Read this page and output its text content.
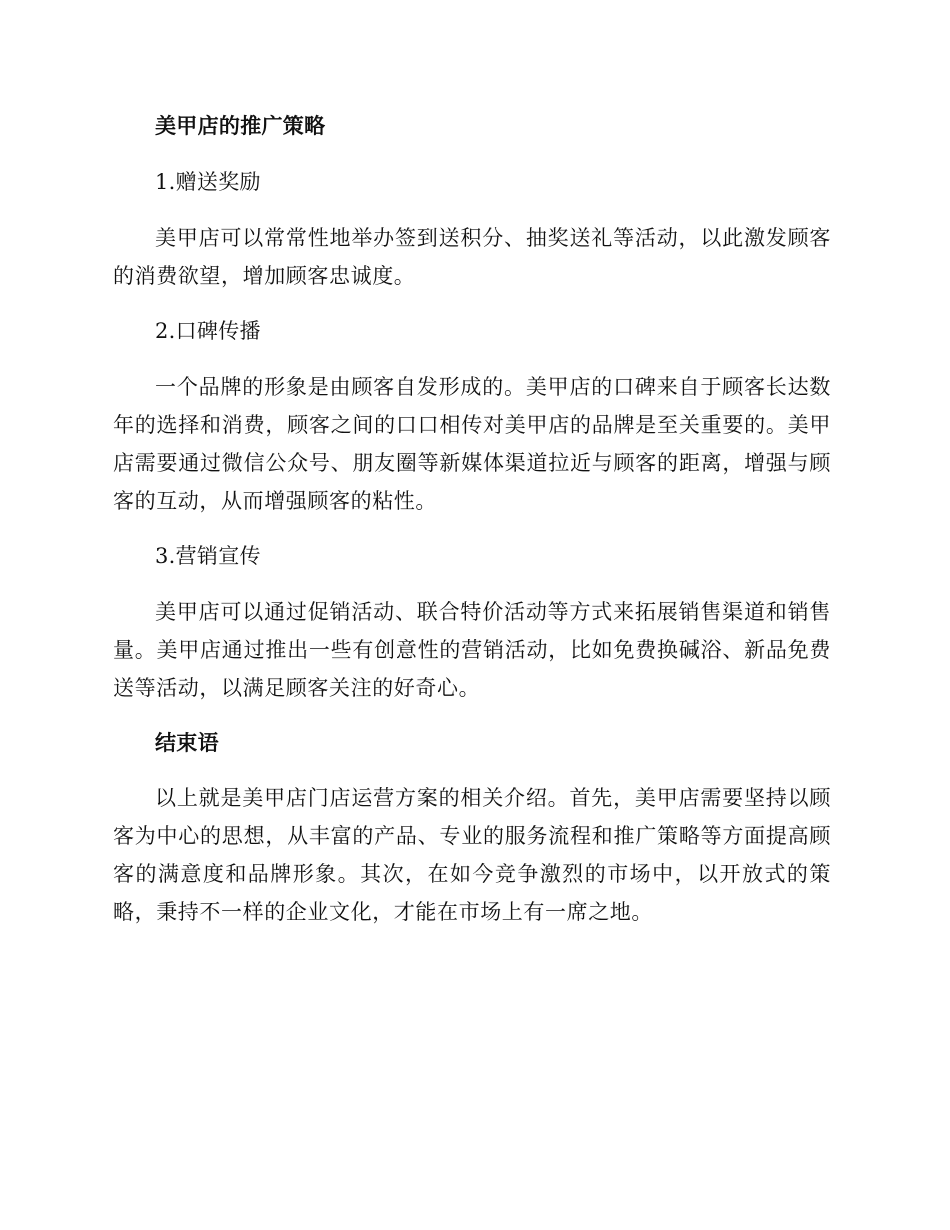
美甲店的推广策略

1.赠送奖励

美甲店可以常常性地举办签到送积分、抽奖送礼等活动，以此激发顾客的消费欲望，增加顾客忠诚度。

2.口碑传播

一个品牌的形象是由顾客自发形成的。美甲店的口碑来自于顾客长达数年的选择和消费，顾客之间的口口相传对美甲店的品牌是至关重要的。美甲店需要通过微信公众号、朋友圈等新媒体渠道拉近与顾客的距离，增强与顾客的互动，从而增强顾客的粘性。

3.营销宣传

美甲店可以通过促销活动、联合特价活动等方式来拓展销售渠道和销售量。美甲店通过推出一些有创意性的营销活动，比如免费换碱浴、新品免费送等活动，以满足顾客关注的好奇心。

结束语

以上就是美甲店门店运营方案的相关介绍。首先，美甲店需要坚持以顾客为中心的思想，从丰富的产品、专业的服务流程和推广策略等方面提高顾客的满意度和品牌形象。其次，在如今竞争激烈的市场中，以开放式的策略，秉持不一样的企业文化，才能在市场上有一席之地。
